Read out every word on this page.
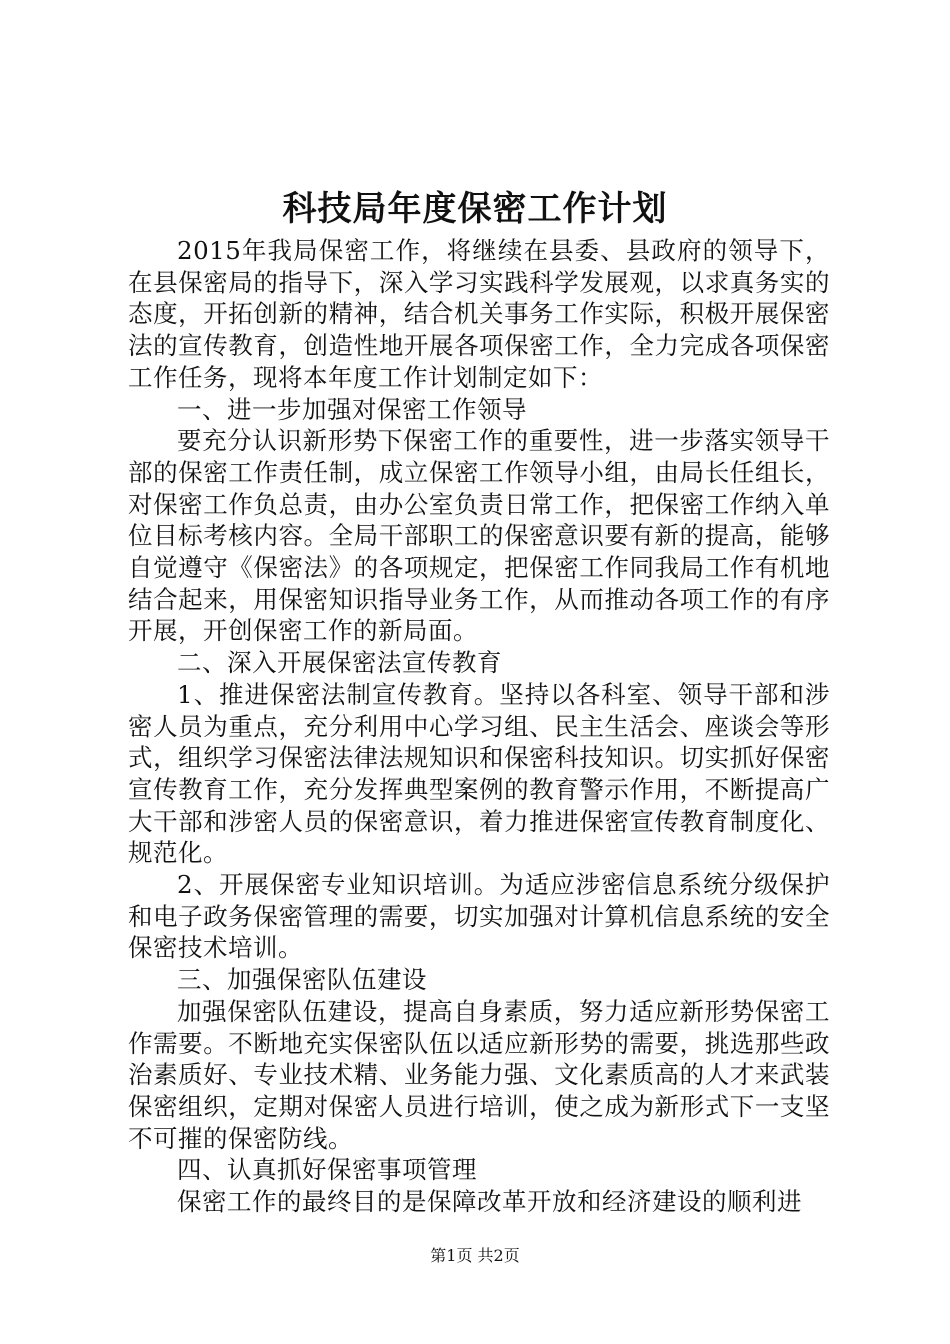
科技局年度保密工作计划

2015年我局保密工作，将继续在县委、县政府的领导下，在县保密局的指导下，深入学习实践科学发展观，以求真务实的态度，开拓创新的精神，结合机关事务工作实际，积极开展保密法的宣传教育，创造性地开展各项保密工作，全力完成各项保密工作任务，现将本年度工作计划制定如下：

一、进一步加强对保密工作领导

要充分认识新形势下保密工作的重要性，进一步落实领导干部的保密工作责任制，成立保密工作领导小组，由局长任组长，对保密工作负总责，由办公室负责日常工作，把保密工作纳入单位目标考核内容。全局干部职工的保密意识要有新的提高，能够自觉遵守《保密法》的各项规定，把保密工作同我局工作有机地结合起来，用保密知识指导业务工作，从而推动各项工作的有序开展，开创保密工作的新局面。

二、深入开展保密法宣传教育

1、推进保密法制宣传教育。坚持以各科室、领导干部和涉密人员为重点，充分利用中心学习组、民主生活会、座谈会等形式，组织学习保密法律法规知识和保密科技知识。切实抓好保密宣传教育工作，充分发挥典型案例的教育警示作用，不断提高广大干部和涉密人员的保密意识，着力推进保密宣传教育制度化、规范化。

2、开展保密专业知识培训。为适应涉密信息系统分级保护和电子政务保密管理的需要，切实加强对计算机信息系统的安全保密技术培训。

三、加强保密队伍建设

加强保密队伍建设，提高自身素质，努力适应新形势保密工作需要。不断地充实保密队伍以适应新形势的需要，挑选那些政治素质好、专业技术精、业务能力强、文化素质高的人才来武装保密组织，定期对保密人员进行培训，使之成为新形式下一支坚不可摧的保密防线。

四、认真抓好保密事项管理

保密工作的最终目的是保障改革开放和经济建设的顺利进

第1页 共2页
